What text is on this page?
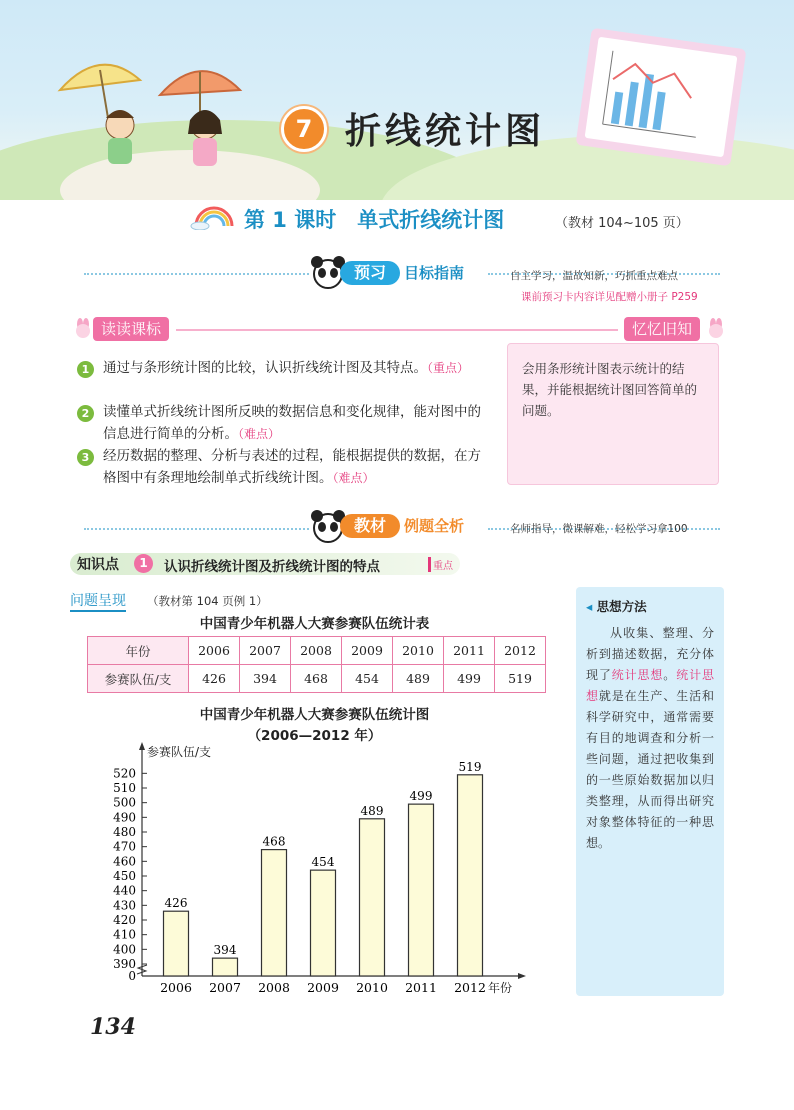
7 折线统计图
第 1 课时　单式折线统计图	（教材 104~105 页）
预习	目标指南	自主学习，温故知新，巧抓重点难点
课前预习卡内容详见配赠小册子 P259
读读课标	忆忆旧知
1	通过与条形统计图的比较，认识折线统计图及其特点。（重点）
2	读懂单式折线统计图所反映的数据信息和变化规律，能对图中的信息进行简单的分析。（难点）
3	经历数据的整理、分析与表述的过程，能根据提供的数据，在方格图中有条理地绘制单式折线统计图。（难点）
会用条形统计图表示统计的结果，并能根据统计图回答简单的问题。
教材	例题全析	名师指导，微课解难，轻松学习拿100
知识点	1	认识折线统计图及折线统计图的特点	重点
问题呈现 （教材第 104 页例 1）
中国青少年机器人大赛参赛队伍统计表
年份	2006	2007	2008	2009	2010	2011	2012
参赛队伍/支	426	394	468	454	489	499	519
中国青少年机器人大赛参赛队伍统计图
（2006—2012 年）
390
400
410
420
430
440
450
460
470
480
490
500
510
520
0
参赛队伍/支
年份
426
2006
394
2007
468
2008
454
2009
489
2010
499
2011
519
2012
◂ 思想方法
从收集、整理、分析到描述数据，充分体现了统计思想。统计思想就是在生产、生活和科学研究中，通常需要有目的地调查和分析一些问题，通过把收集到的一些原始数据加以归类整理，从而得出研究对象整体特征的一种思想。
134
